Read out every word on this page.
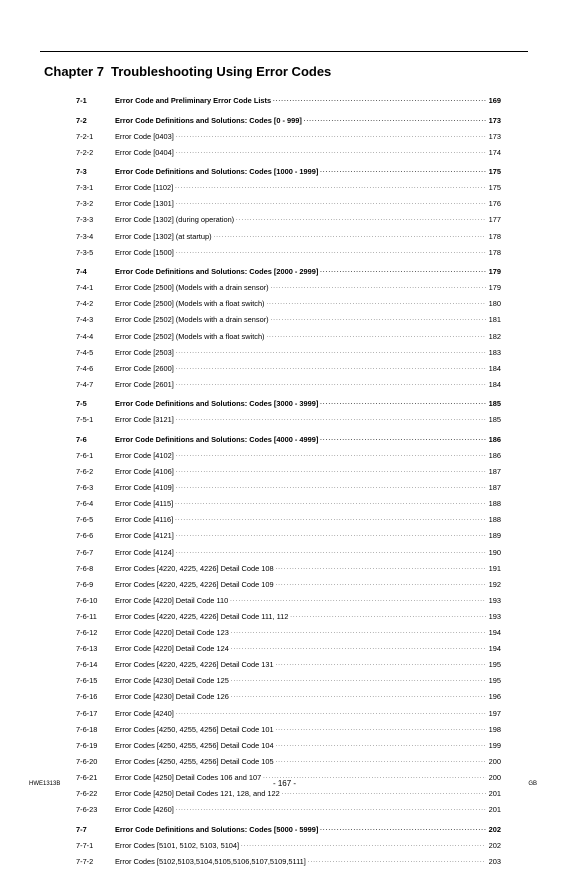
Chapter 7 Troubleshooting Using Error Codes
7-1	Error Code and Preliminary Error Code Lists . . .	169
7-2	Error Code Definitions and Solutions: Codes [0 - 999] . . .	173
7-2-1	Error Code [0403] . . .	173
7-2-2	Error Code [0404] . . .	174
7-3	Error Code Definitions and Solutions: Codes [1000 - 1999] . . .	175
7-3-1	Error Code [1102] . . .	175
7-3-2	Error Code [1301] . . .	176
7-3-3	Error Code [1302] (during operation) . . .	177
7-3-4	Error Code [1302] (at startup) . . .	178
7-3-5	Error Code [1500] . . .	178
7-4	Error Code Definitions and Solutions: Codes [2000 - 2999] . . .	179
7-4-1	Error Code [2500] (Models with a drain sensor) . . .	179
7-4-2	Error Code [2500] (Models with a float switch) . . .	180
7-4-3	Error Code [2502] (Models with a drain sensor) . . .	181
7-4-4	Error Code [2502] (Models with a float switch) . . .	182
7-4-5	Error Code [2503] . . .	183
7-4-6	Error Code [2600] . . .	184
7-4-7	Error Code [2601] . . .	184
7-5	Error Code Definitions and Solutions: Codes [3000 - 3999] . . .	185
7-5-1	Error Code [3121] . . .	185
7-6	Error Code Definitions and Solutions: Codes [4000 - 4999] . . .	186
7-6-1	Error Code [4102] . . .	186
7-6-2	Error Code [4106] . . .	187
7-6-3	Error Code [4109] . . .	187
7-6-4	Error Code [4115] . . .	188
7-6-5	Error Code [4116] . . .	188
7-6-6	Error Code [4121] . . .	189
7-6-7	Error Code [4124] . . .	190
7-6-8	Error Codes [4220, 4225, 4226] Detail Code 108 . . .	191
7-6-9	Error Codes [4220, 4225, 4226] Detail Code 109 . . .	192
7-6-10	Error Code [4220] Detail Code 110 . . .	193
7-6-11	Error Codes [4220, 4225, 4226] Detail Code 111, 112 . . .	193
7-6-12	Error Code [4220] Detail Code 123 . . .	194
7-6-13	Error Code [4220] Detail Code 124 . . .	194
7-6-14	Error Codes [4220, 4225, 4226] Detail Code 131 . . .	195
7-6-15	Error Code [4230] Detail Code 125 . . .	195
7-6-16	Error Code [4230] Detail Code 126 . . .	196
7-6-17	Error Code [4240] . . .	197
7-6-18	Error Codes [4250, 4255, 4256] Detail Code 101 . . .	198
7-6-19	Error Codes [4250, 4255, 4256] Detail Code 104 . . .	199
7-6-20	Error Codes [4250, 4255, 4256] Detail Code 105 . . .	200
7-6-21	Error Code [4250] Detail Codes 106 and 107 . . .	200
7-6-22	Error Code [4250] Detail Codes 121, 128, and 122 . . .	201
7-6-23	Error Code [4260] . . .	201
7-7	Error Code Definitions and Solutions: Codes [5000 - 5999] . . .	202
7-7-1	Error Codes [5101, 5102, 5103, 5104] . . .	202
7-7-2	Error Codes [5102,5103,5104,5105,5106,5107,5109,5111] . . .	203
HWE1313B	- 167 -	GB
